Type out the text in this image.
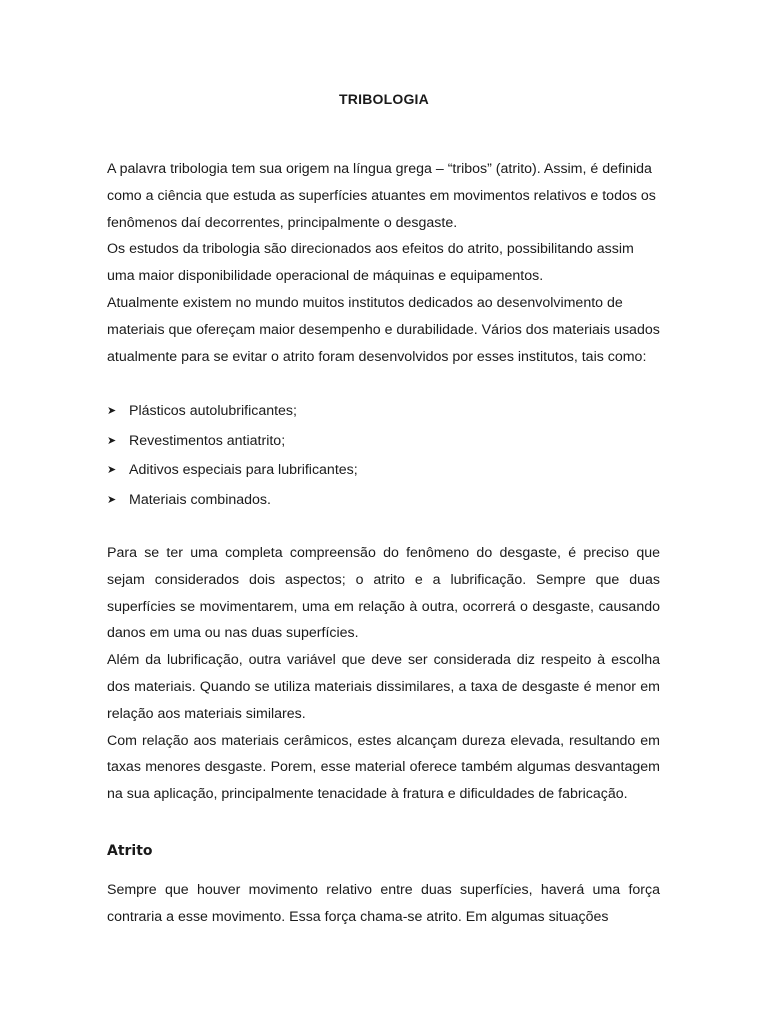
TRIBOLOGIA

A palavra tribologia tem sua origem na língua grega – “tribos” (atrito). Assim, é definida como a ciência que estuda as superfícies atuantes em movimentos relativos e todos os fenômenos daí decorrentes, principalmente o desgaste.

Os estudos da tribologia são direcionados aos efeitos do atrito, possibilitando assim uma maior disponibilidade operacional de máquinas e equipamentos.

Atualmente existem no mundo muitos institutos dedicados ao desenvolvimento de materiais que ofereçam maior desempenho e durabilidade. Vários dos materiais usados atualmente para se evitar o atrito foram desenvolvidos por esses institutos, tais como:

➤ Plásticos autolubrificantes;
➤ Revestimentos antiatrito;
➤ Aditivos especiais para lubrificantes;
➤ Materiais combinados.

Para se ter uma completa compreensão do fenômeno do desgaste, é preciso que sejam considerados dois aspectos; o atrito e a lubrificação. Sempre que duas superfícies se movimentarem, uma em relação à outra, ocorrerá o desgaste, causando danos em uma ou nas duas superfícies.

Além da lubrificação, outra variável que deve ser considerada diz respeito à escolha dos materiais. Quando se utiliza materiais dissimilares, a taxa de desgaste é menor em relação aos materiais similares.

Com relação aos materiais cerâmicos, estes alcançam dureza elevada, resultando em taxas menores desgaste. Porem, esse material oferece também algumas desvantagem na sua aplicação, principalmente tenacidade à fratura e dificuldades de fabricação.

Atrito

Sempre que houver movimento relativo entre duas superfícies, haverá uma força contraria a esse movimento. Essa força chama-se atrito. Em algumas situações
